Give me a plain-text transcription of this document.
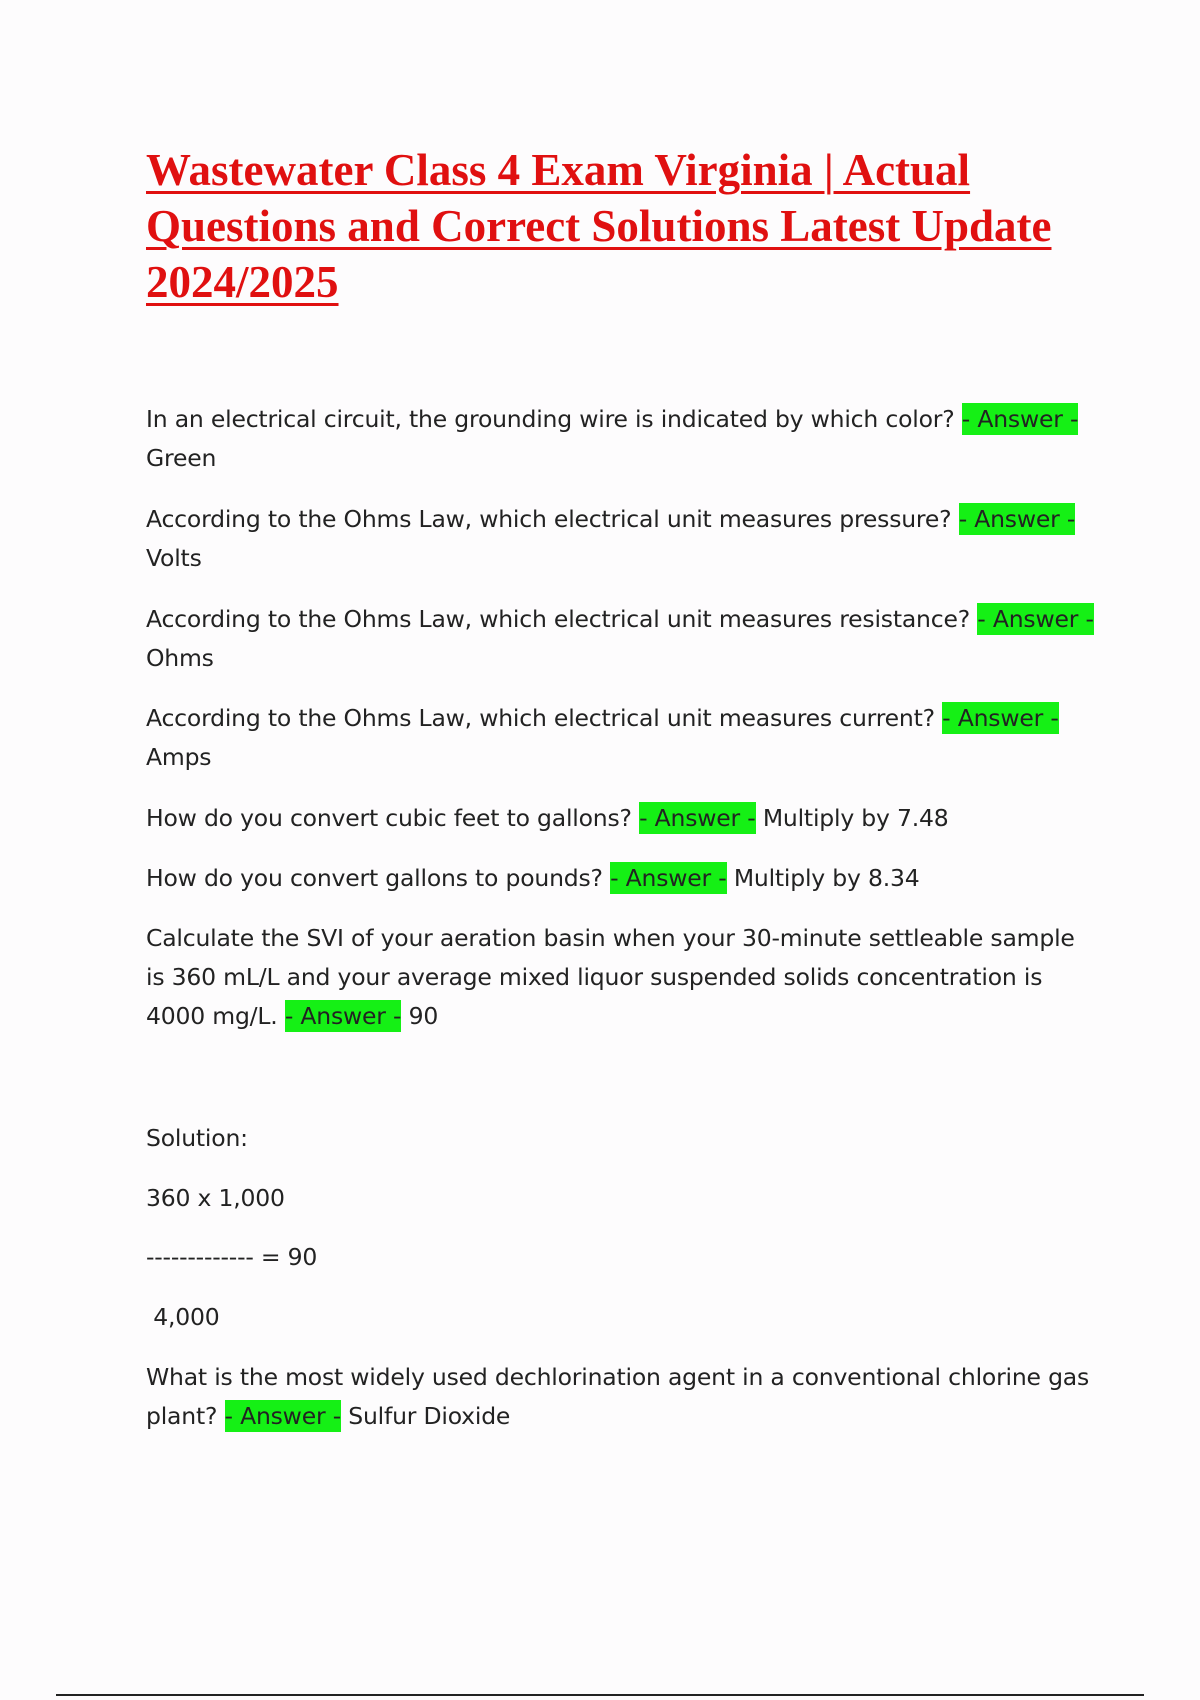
Wastewater Class 4 Exam Virginia | Actual Questions and Correct Solutions Latest Update 2024/2025
In an electrical circuit, the grounding wire is indicated by which color? - Answer -
Green
According to the Ohms Law, which electrical unit measures pressure? - Answer -
Volts
According to the Ohms Law, which electrical unit measures resistance? - Answer -
Ohms
According to the Ohms Law, which electrical unit measures current? - Answer -
Amps
How do you convert cubic feet to gallons? - Answer - Multiply by 7.48
How do you convert gallons to pounds? - Answer - Multiply by 8.34
Calculate the SVI of your aeration basin when your 30-minute settleable sample is 360 mL/L and your average mixed liquor suspended solids concentration is 4000 mg/L. - Answer - 90
Solution:
360 x 1,000
------------- = 90
4,000
What is the most widely used dechlorination agent in a conventional chlorine gas plant? - Answer - Sulfur Dioxide
